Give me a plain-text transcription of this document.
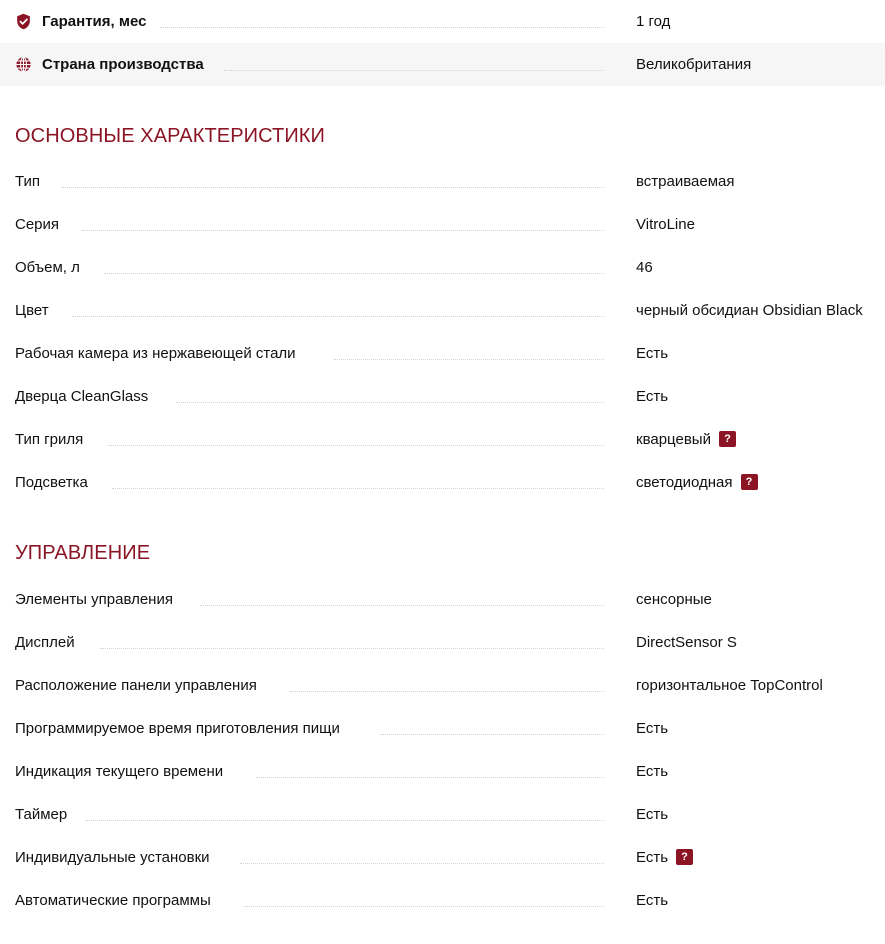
Гарантия, мес	1 год
Страна производства	Великобритания
ОСНОВНЫЕ ХАРАКТЕРИСТИКИ
Тип	встраиваемая
Серия	VitroLine
Объем, л	46
Цвет	черный обсидиан Obsidian Black
Рабочая камера из нержавеющей стали	Есть
Дверца CleanGlass	Есть
Тип гриля	кварцевый ?
Подсветка	светодиодная ?
УПРАВЛЕНИЕ
Элементы управления	сенсорные
Дисплей	DirectSensor S
Расположение панели управления	горизонтальное TopControl
Программируемое время приготовления пищи	Есть
Индикация текущего времени	Есть
Таймер	Есть
Индивидуальные установки	Есть ?
Автоматические программы	Есть
